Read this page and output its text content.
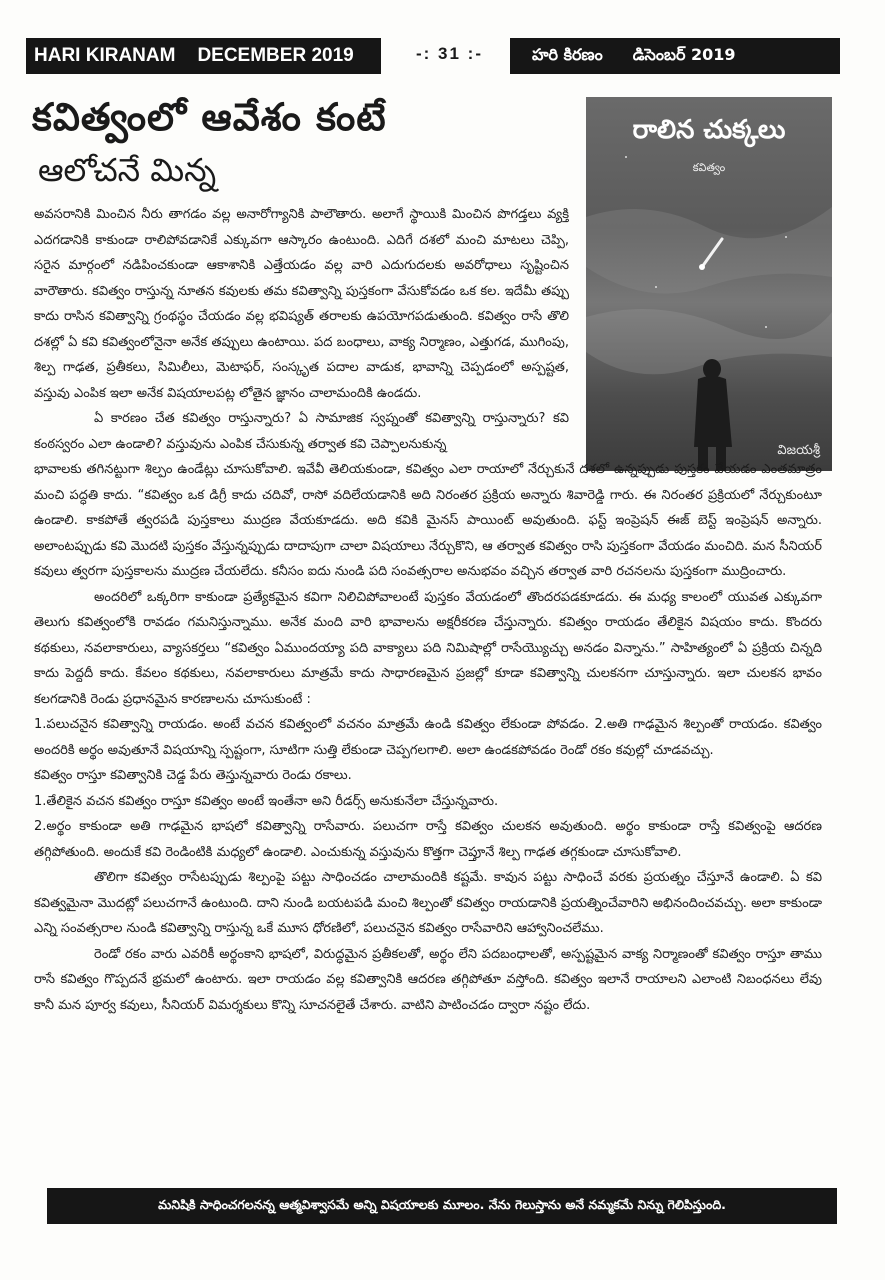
HARI KIRANAM DECEMBER 2019	-: 31 :-	హరి కిరణం డిసెంబర్ 2019
కవిత్వంలో ఆవేశం కంటే
ఆలోచనే మిన్న
రాలిన చుక్కలు
కవిత్వం
విజయశ్రీ

అవసరానికి మించిన నీరు తాగడం వల్ల అనారోగ్యానికి పాలౌతారు. అలాగే స్థాయికి మించిన పొగడ్తలు వ్యక్తి ఎదగడానికి కాకుండా రాలిపోవడానికే ఎక్కువగా ఆస్కారం ఉంటుంది. ఎదిగే దశలో మంచి మాటలు చెప్పి, సరైన మార్గంలో నడిపించకుండా ఆకాశానికి ఎత్తేయడం వల్ల వారి ఎదుగుదలకు అవరోధాలు సృష్టించిన వారౌతారు. కవిత్వం రాస్తున్న నూతన కవులకు తమ కవిత్వాన్ని పుస్తకంగా వేసుకోవడం ఒక కల. ఇదేమీ తప్పు కాదు రాసిన కవిత్వాన్ని గ్రంథస్థం చేయడం వల్ల భవిష్యత్ తరాలకు ఉపయోగపడుతుంది. కవిత్వం రాసే తొలి దశల్లో ఏ కవి కవిత్వంలోనైనా అనేక తప్పులు ఉంటాయి. పద బంధాలు, వాక్య నిర్మాణం, ఎత్తుగడ, ముగింపు, శిల్ప గాఢత, ప్రతీకలు, సిమిలీలు, మెటాఫర్, సంస్కృత పదాల వాడుక, భావాన్ని చెప్పడంలో అస్పష్టత, వస్తువు ఎంపిక ఇలా అనేక విషయాలపట్ల లోతైన జ్ఞానం చాలామందికి ఉండదు.

ఏ కారణం చేత కవిత్వం రాస్తున్నారు? ఏ సామాజిక స్వప్నంతో కవిత్వాన్ని రాస్తున్నారు? కవి కంఠస్వరం ఎలా ఉండాలి? వస్తువును ఎంపిక చేసుకున్న తర్వాత కవి చెప్పాలనుకున్న

భావాలకు తగినట్టుగా శిల్పం ఉండేట్లు చూసుకోవాలి. ఇవేవీ తెలియకుండా, కవిత్వం ఎలా రాయాలో నేర్చుకునే దశలో ఉన్నప్పుడు పుస్తకం వేయడం ఎంతమాత్రం మంచి పద్ధతి కాదు. “కవిత్వం ఒక డిగ్రీ కాదు చదివో, రాసో వదిలేయడానికి అది నిరంతర ప్రక్రియ అన్నారు శివారెడ్డి గారు. ఈ నిరంతర ప్రక్రియలో నేర్చుకుంటూ ఉండాలి. కాకపోతే త్వరపడి పుస్తకాలు ముద్రణ వేయకూడదు. అది కవికి మైనస్ పాయింట్ అవుతుంది. ఫస్ట్ ఇంప్రెషన్ ఈజ్ బెస్ట్ ఇంప్రెషన్ అన్నారు. అలాంటప్పుడు కవి మొదటి పుస్తకం వేస్తున్నప్పుడు దాదాపుగా చాలా విషయాలు నేర్చుకొని, ఆ తర్వాత కవిత్వం రాసి పుస్తకంగా వేయడం మంచిది. మన సీనియర్ కవులు త్వరగా పుస్తకాలను ముద్రణ చేయలేదు. కనీసం ఐదు నుండి పది సంవత్సరాల అనుభవం వచ్చిన తర్వాత వారి రచనలను పుస్తకంగా ముద్రించారు.

అందరిలో ఒక్కరిగా కాకుండా ప్రత్యేకమైన కవిగా నిలిచిపోవాలంటే పుస్తకం వేయడంలో తొందరపడకూడదు. ఈ మధ్య కాలంలో యువత ఎక్కువగా తెలుగు కవిత్వంలోకి రావడం గమనిస్తున్నాము. అనేక మంది వారి భావాలను అక్షరీకరణ చేస్తున్నారు. కవిత్వం రాయడం తేలికైన విషయం కాదు. కొందరు కథకులు, నవలాకారులు, వ్యాసకర్తలు “కవిత్వం ఏముందయ్యా పది వాక్యాలు పది నిమిషాల్లో రాసేయ్యొచ్చు అనడం విన్నాను.” సాహిత్యంలో ఏ ప్రక్రియ చిన్నది కాదు పెద్దదీ కాదు. కేవలం కథకులు, నవలాకారులు మాత్రమే కాదు సాధారణమైన ప్రజల్లో కూడా కవిత్వాన్ని చులకనగా చూస్తున్నారు. ఇలా చులకన భావం కలగడానికి రెండు ప్రధానమైన కారణాలను చూసుకుంటే :

1.పలుచనైన కవిత్వాన్ని రాయడం. అంటే వచన కవిత్వంలో వచనం మాత్రమే ఉండి కవిత్వం లేకుండా పోవడం. 2.అతి గాఢమైన శిల్పంతో రాయడం. కవిత్వం అందరికి అర్థం అవుతూనే విషయాన్ని స్పష్టంగా, సూటిగా సుత్తి లేకుండా చెప్పగలగాలి. అలా ఉండకపోవడం రెండో రకం కవుల్లో చూడవచ్చు.

కవిత్వం రాస్తూ కవిత్వానికి చెడ్డ పేరు తెస్తున్నవారు రెండు రకాలు.

1.తేలికైన వచన కవిత్వం రాస్తూ కవిత్వం అంటే ఇంతేనా అని రీడర్స్ అనుకునేలా చేస్తున్నవారు.

2.అర్థం కాకుండా అతి గాఢమైన భాషలో కవిత్వాన్ని రాసేవారు. పలుచగా రాస్తే కవిత్వం చులకన అవుతుంది. అర్థం కాకుండా రాస్తే కవిత్వంపై ఆదరణ తగ్గిపోతుంది. అందుకే కవి రెండింటికి మధ్యలో ఉండాలి. ఎంచుకున్న వస్తువును కొత్తగా చెప్తూనే శిల్ప గాఢత తగ్గకుండా చూసుకోవాలి.

తొలిగా కవిత్వం రాసేటప్పుడు శిల్పంపై పట్టు సాధించడం చాలామందికి కష్టమే. కావున పట్టు సాధించే వరకు ప్రయత్నం చేస్తూనే ఉండాలి. ఏ కవి కవిత్వమైనా మొదట్లో పలుచగానే ఉంటుంది. దాని నుండి బయటపడి మంచి శిల్పంతో కవిత్వం రాయడానికి ప్రయత్నించేవారిని అభినందించవచ్చు. అలా కాకుండా ఎన్ని సంవత్సరాల నుండి కవిత్వాన్ని రాస్తున్న ఒకే మూస ధోరణిలో, పలుచనైన కవిత్వం రాసేవారిని ఆహ్వానించలేము.

రెండో రకం వారు ఎవరికీ అర్థంకాని భాషలో, విరుద్ధమైన ప్రతీకలతో, అర్థం లేని పదబంధాలతో, అస్పష్టమైన వాక్య నిర్మాణంతో కవిత్వం రాస్తూ తాము రాసే కవిత్వం గొప్పదనే భ్రమలో ఉంటారు. ఇలా రాయడం వల్ల కవిత్వానికి ఆదరణ తగ్గిపోతూ వస్తోంది. కవిత్వం ఇలానే రాయాలని ఎలాంటి నిబంధనలు లేవు కానీ మన పూర్వ కవులు, సీనియర్ విమర్శకులు కొన్ని సూచనలైతే చేశారు. వాటిని పాటించడం ద్వారా నష్టం లేదు.

మనిషికి సాధించగలనన్న ఆత్మవిశ్వాసమే అన్ని విషయాలకు మూలం. నేను గెలుస్తాను అనే నమ్మకమే నిన్ను గెలిపిస్తుంది.
